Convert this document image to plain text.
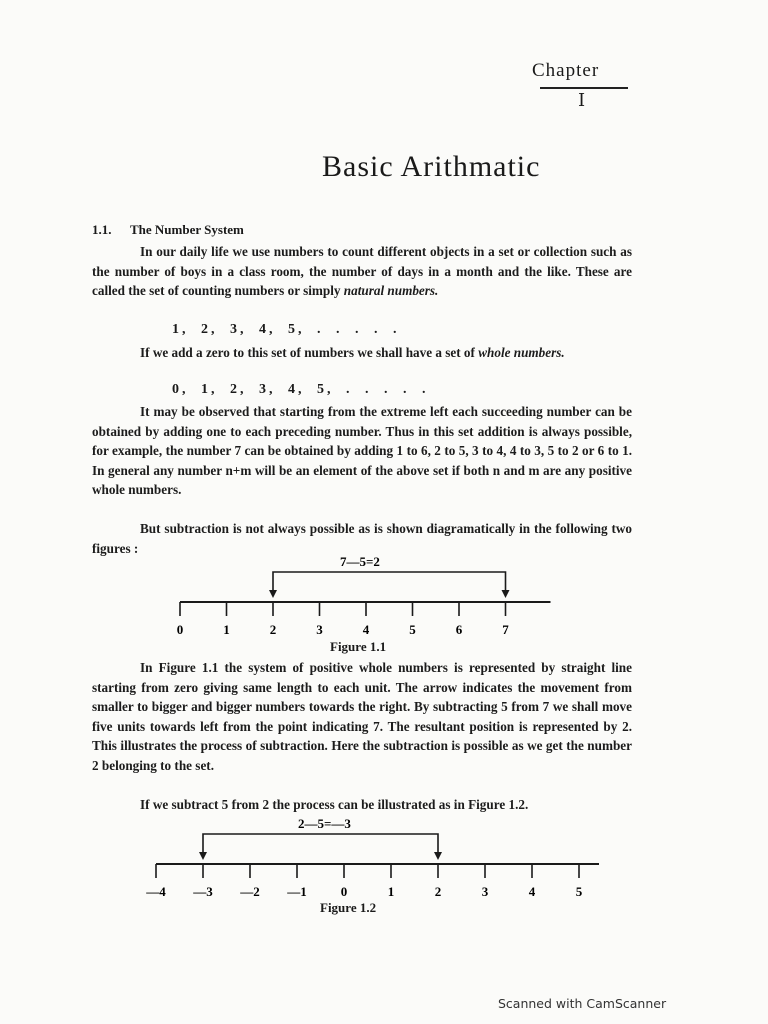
Chapter
I
Basic Arithmatic
1.1. The Number System
In our daily life we use numbers to count different objects in a set or collection such as the number of boys in a class room, the number of days in a month and the like. These are called the set of counting numbers or simply natural numbers.
1, 2, 3, 4, 5, . . . . .
If we add a zero to this set of numbers we shall have a set of whole numbers.
0, 1, 2, 3, 4, 5, . . . . .
It may be observed that starting from the extreme left each succeeding number can be obtained by adding one to each preceding number. Thus in this set addition is always possible, for example, the number 7 can be obtained by adding 1 to 6, 2 to 5, 3 to 4, 4 to 3, 5 to 2 or 6 to 1. In general any number n+m will be an element of the above set if both n and m are any positive whole numbers.
But subtraction is not always possible as is shown diagramatically in the following two figures :
7—5=2
0	1	2	3	4	5	6	7
Figure 1.1
In Figure 1.1 the system of positive whole numbers is represented by straight line starting from zero giving same length to each unit. The arrow indicates the movement from smaller to bigger and bigger numbers towards the right. By subtracting 5 from 7 we shall move five units towards left from the point indicating 7. The resultant position is represented by 2. This illustrates the process of subtraction. Here the subtraction is possible as we get the number 2 belonging to the set.
If we subtract 5 from 2 the process can be illustrated as in Figure 1.2.
2—5=—3
—4 —3 —2 —1	0	1	2	3	4	5
Figure 1.2
Scanned with CamScanner
